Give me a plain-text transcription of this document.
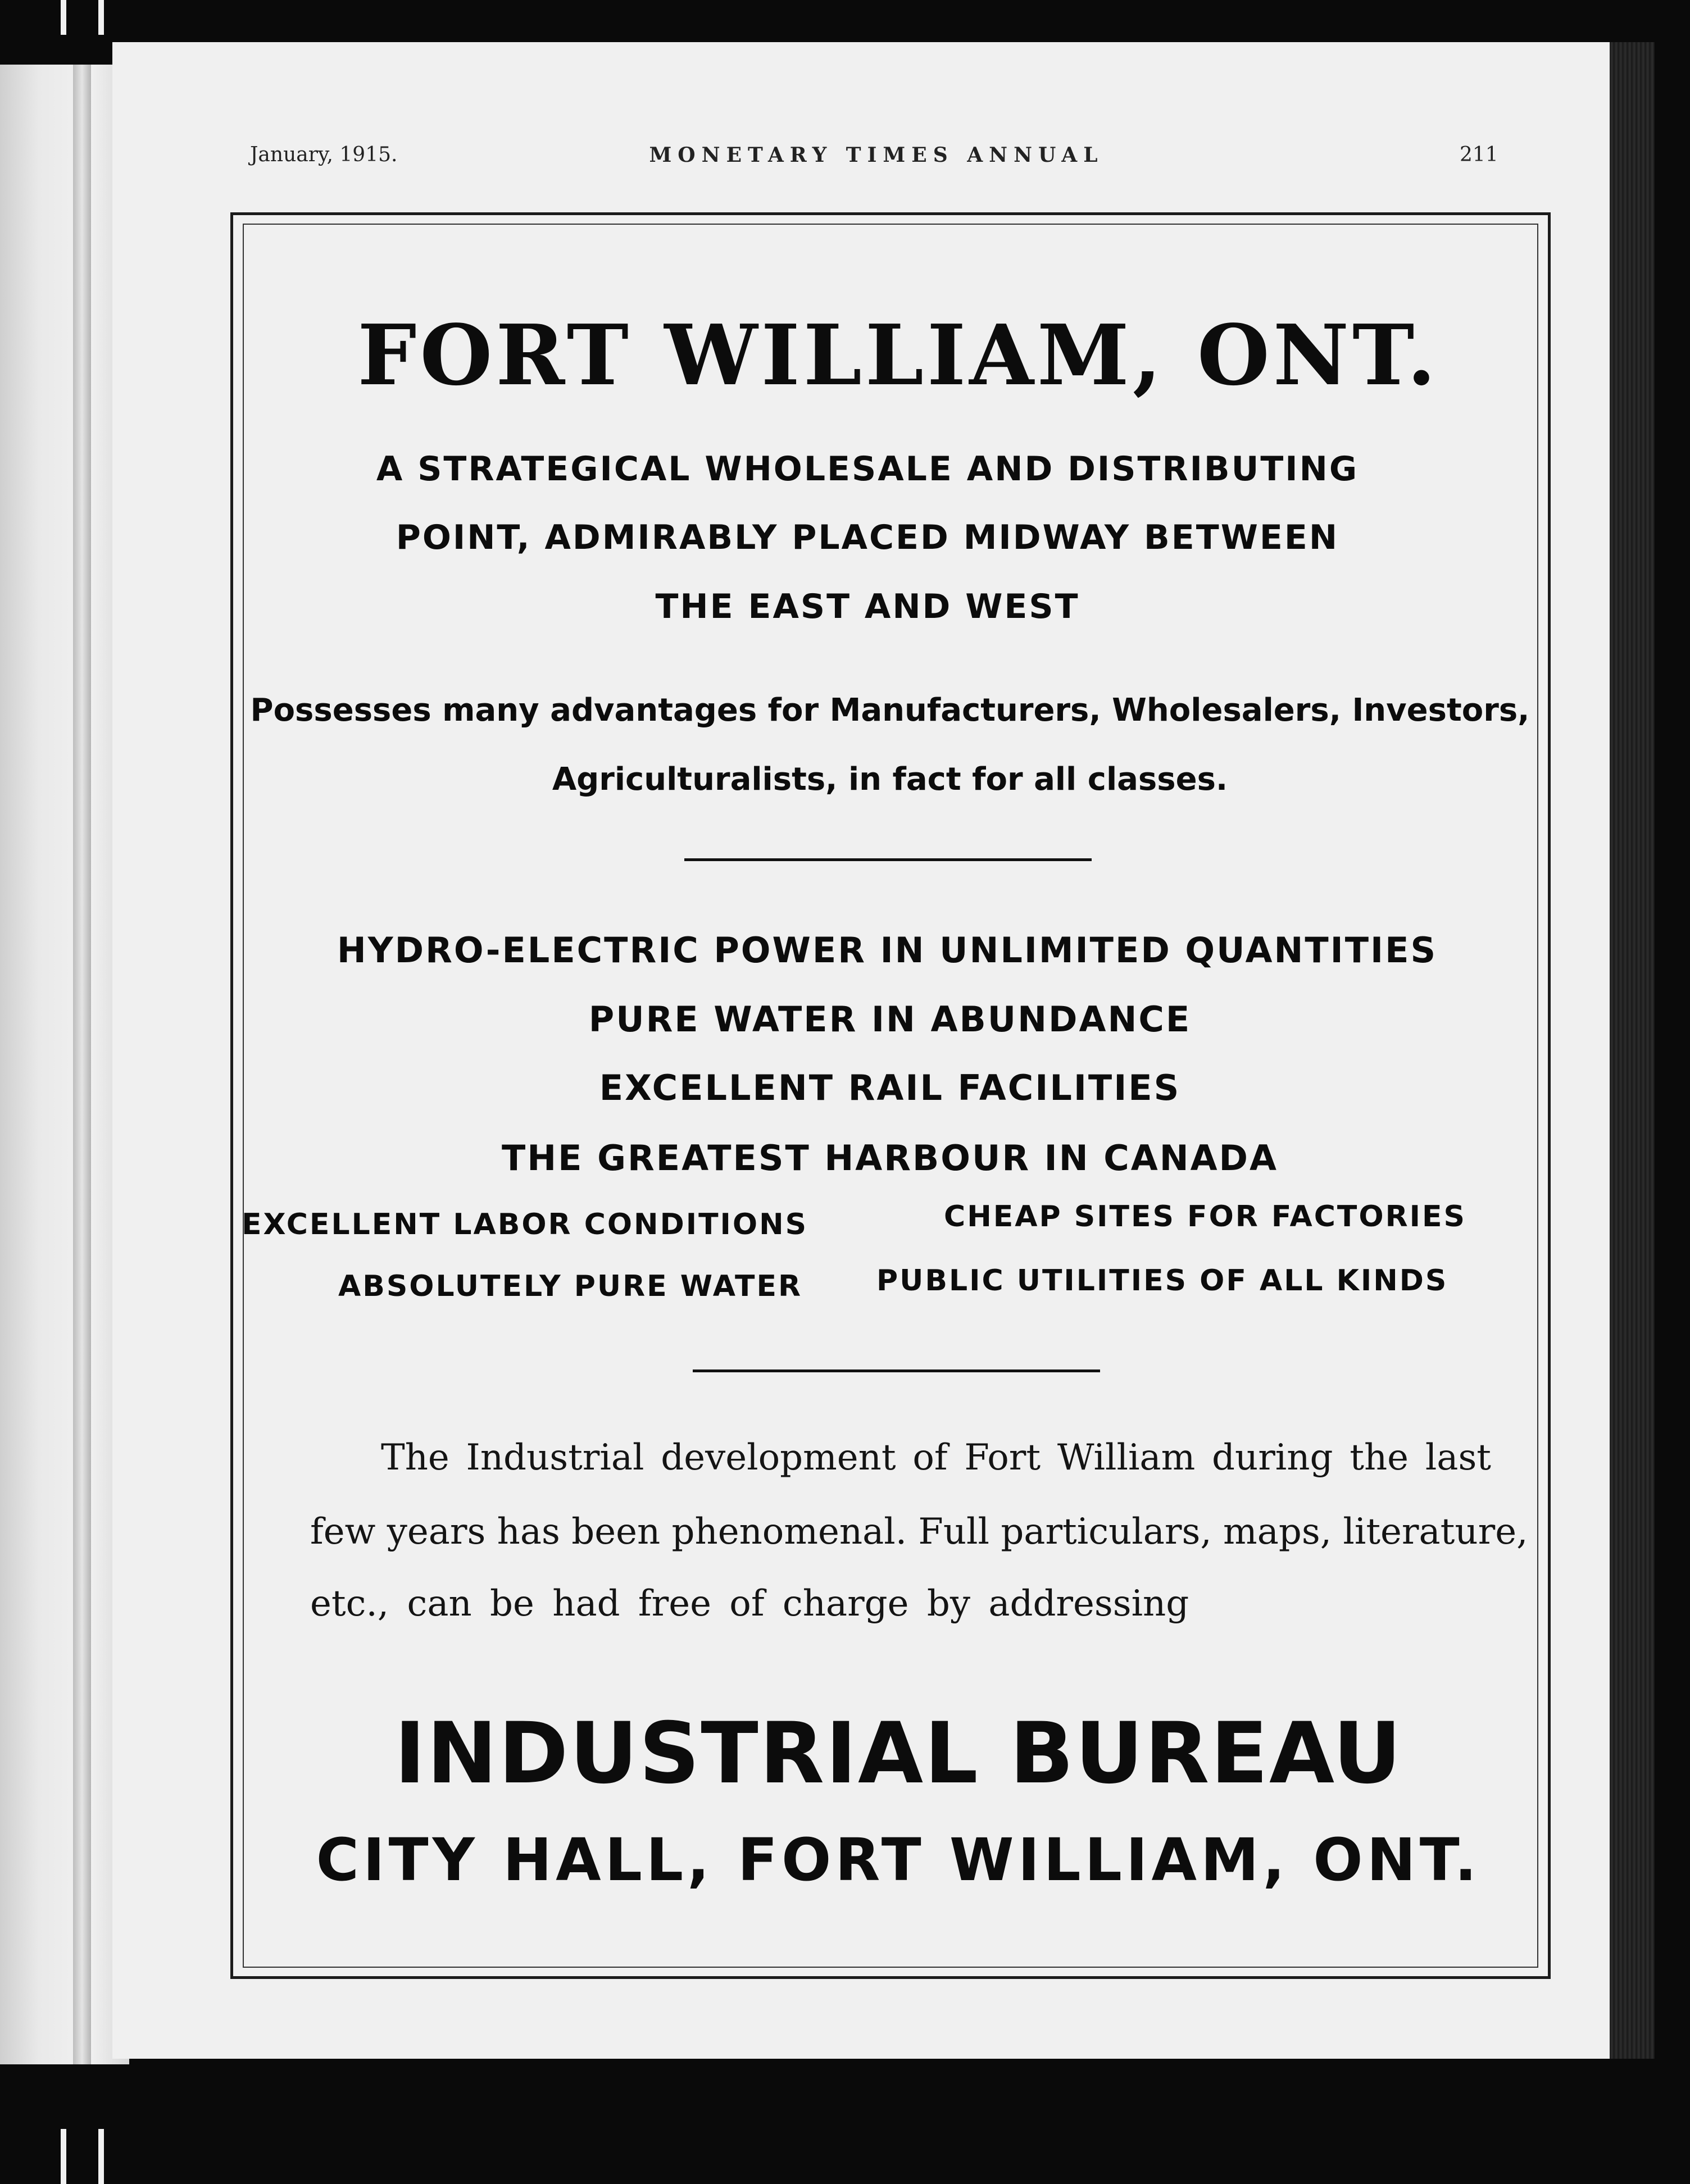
January, 1915.	MONETARY TIMES ANNUAL	211
FORT WILLIAM, ONT.
A STRATEGICAL WHOLESALE AND DISTRIBUTING
POINT, ADMIRABLY PLACED MIDWAY BETWEEN
THE EAST AND WEST
Possesses many advantages for Manufacturers, Wholesalers, Investors,
Agriculturalists, in fact for all classes.
HYDRO-ELECTRIC POWER IN UNLIMITED QUANTITIES
PURE WATER IN ABUNDANCE
EXCELLENT RAIL FACILITIES
THE GREATEST HARBOUR IN CANADA
EXCELLENT LABOR CONDITIONS	CHEAP SITES FOR FACTORIES
ABSOLUTELY PURE WATER	PUBLIC UTILITIES OF ALL KINDS
The Industrial development of Fort William during the last
few years has been phenomenal. Full particulars, maps, literature,
etc., can be had free of charge by addressing
INDUSTRIAL BUREAU
CITY HALL, FORT WILLIAM, ONT.
